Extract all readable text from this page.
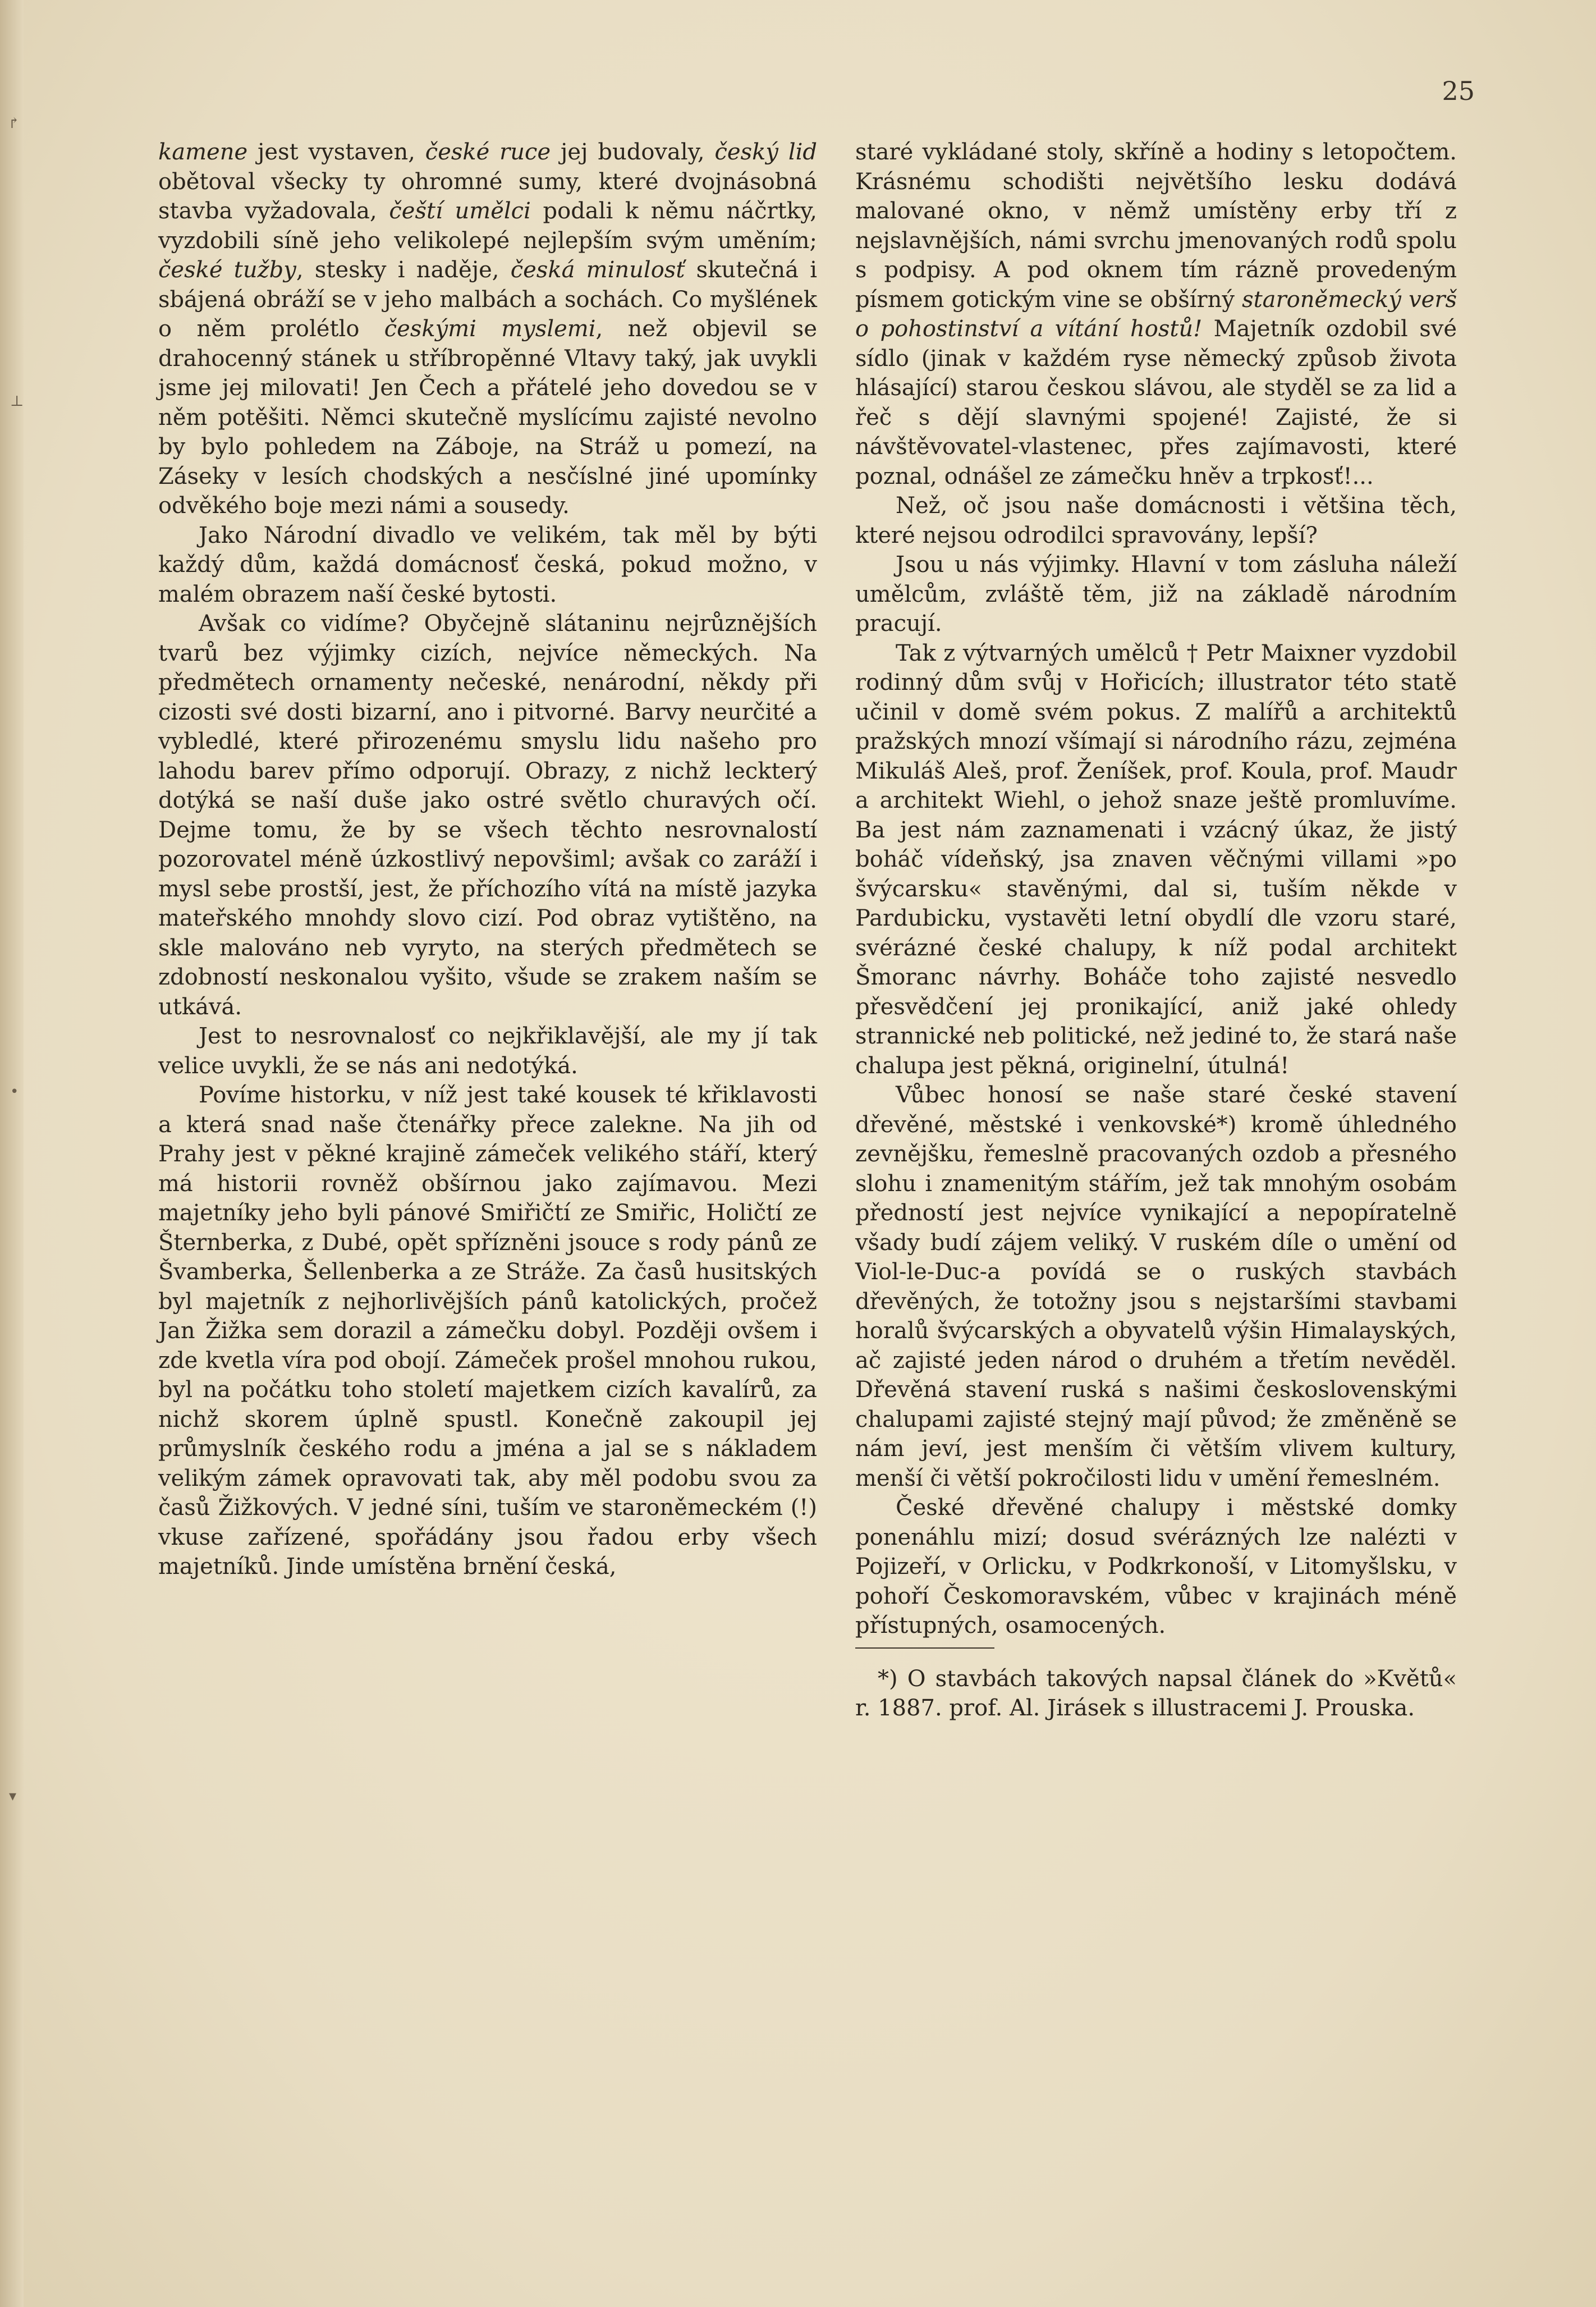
↱
⊥
•
▾
25

kamene jest vystaven, české ruce jej budovaly, český lid obětoval všecky ty ohromné sumy, které dvojnásobná stavba vyžadovala, čeští umělci podali k němu náčrtky, vyzdobili síně jeho velikolepé nejlepším svým uměním; české tužby, stesky i naděje, česká minulosť skutečná i sbájená obráží se v jeho malbách a sochách. Co myšlének o něm prolétlo českými myslemi, než objevil se drahocenný stánek u stříbropěnné Vltavy taký, jak uvykli jsme jej milovati! Jen Čech a přátelé jeho dovedou se v něm potěšiti. Němci skutečně myslícímu zajisté nevolno by bylo pohledem na Záboje, na Stráž u pomezí, na Záseky v lesích chodských a nesčíslné jiné upomínky odvěkého boje mezi námi a sousedy.

Jako Národní divadlo ve velikém, tak měl by býti každý dům, každá domácnosť česká, pokud možno, v malém obrazem naší české bytosti.

Avšak co vidíme? Obyčejně slátaninu nejrůznějších tvarů bez výjimky cizích, nejvíce německých. Na předmětech ornamenty nečeské, nenárodní, někdy při cizosti své dosti bizarní, ano i pitvorné. Barvy neurčité a vybledlé, které přirozenému smyslu lidu našeho pro lahodu barev přímo odporují. Obrazy, z nichž leckterý dotýká se naší duše jako ostré světlo churavých očí. Dejme tomu, že by se všech těchto nesrovnalostí pozorovatel méně úzkostlivý nepovšiml; avšak co zaráží i mysl sebe prostší, jest, že příchozího vítá na místě jazyka mateřského mnohdy slovo cizí. Pod obraz vytištěno, na skle malováno neb vyryto, na sterých předmětech se zdobností neskonalou vyšito, všude se zrakem naším se utkává.

Jest to nesrovnalosť co nejkřiklavější, ale my jí tak velice uvykli, že se nás ani nedotýká.

Povíme historku, v níž jest také kousek té křiklavosti a která snad naše čtenářky přece zalekne. Na jih od Prahy jest v pěkné krajině zámeček velikého stáří, který má historii rovněž obšírnou jako zajímavou. Mezi majetníky jeho byli pánové Smiřičtí ze Smiřic, Holičtí ze Šternberka, z Dubé, opět spřízněni jsouce s rody pánů ze Švamberka, Šellenberka a ze Stráže. Za časů husitských byl majetník z nejhorlivějších pánů katolických, pročež Jan Žižka sem dorazil a zámečku dobyl. Později ovšem i zde kvetla víra pod obojí. Zámeček prošel mnohou rukou, byl na počátku toho století majetkem cizích kavalírů, za nichž skorem úplně spustl. Konečně zakoupil jej průmyslník českého rodu a jména a jal se s nákladem velikým zámek opravovati tak, aby měl podobu svou za časů Žižkových. V jedné síni, tuším ve staroněmeckém (!) vkuse zařízené, spořádány jsou řadou erby všech majetníků. Jinde umístěna brnění česká,

staré vykládané stoly, skříně a hodiny s letopočtem. Krásnému schodišti největšího lesku dodává malované okno, v němž umístěny erby tří z nejslavnějších, námi svrchu jmenovaných rodů spolu s podpisy. A pod oknem tím rázně provedeným písmem gotickým vine se obšírný staroněmecký verš o pohostinství a vítání hostů! Majetník ozdobil své sídlo (jinak v každém ryse německý způsob života hlásající) starou českou slávou, ale styděl se za lid a řeč s dějí slavnými spojené! Zajisté, že si návštěvovatel-vlastenec, přes zajímavosti, které poznal, odnášel ze zámečku hněv a trpkosť!...

Než, oč jsou naše domácnosti i většina těch, které nejsou odrodilci spravovány, lepší?

Jsou u nás výjimky. Hlavní v tom zásluha náleží umělcům, zvláště těm, již na základě národním pracují.

Tak z výtvarných umělců † Petr Maixner vyzdobil rodinný dům svůj v Hořicích; illustrator této statě učinil v domě svém pokus. Z malířů a architektů pražských mnozí všímají si národního rázu, zejména Mikuláš Aleš, prof. Ženíšek, prof. Koula, prof. Maudr a architekt Wiehl, o jehož snaze ještě promluvíme. Ba jest nám zaznamenati i vzácný úkaz, že jistý boháč vídeňský, jsa znaven věčnými villami »po švýcarsku« stavěnými, dal si, tuším někde v Pardubicku, vystavěti letní obydlí dle vzoru staré, svérázné české chalupy, k níž podal architekt Šmoranc návrhy. Boháče toho zajisté nesvedlo přesvědčení jej pronikající, aniž jaké ohledy strannické neb politické, než jediné to, že stará naše chalupa jest pěkná, originelní, útulná!

Vůbec honosí se naše staré české stavení dřevěné, městské i venkovské*) kromě úhledného zevnějšku, řemeslně pracovaných ozdob a přesného slohu i znamenitým stářím, jež tak mnohým osobám předností jest nejvíce vynikající a nepopíratelně všady budí zájem veliký. V ruském díle o umění od Viol-le-Duc-a povídá se o ruských stavbách dřevěných, že totožny jsou s nejstaršími stavbami horalů švýcarských a obyvatelů výšin Himalayských, ač zajisté jeden národ o druhém a třetím nevěděl. Dřevěná stavení ruská s našimi československými chalupami zajisté stejný mají původ; že změněně se nám jeví, jest menším či větším vlivem kultury, menší či větší pokročilosti lidu v umění řemeslném.

České dřevěné chalupy i městské domky ponenáhlu mizí; dosud svérázných lze nalézti v Pojizeří, v Orlicku, v Podkrkonoší, v Litomyšlsku, v pohoří Českomoravském, vůbec v krajinách méně přístupných, osamocených.

*) O stavbách takových napsal článek do »Květů« r. 1887. prof. Al. Jirásek s illustracemi J. Prouska.
